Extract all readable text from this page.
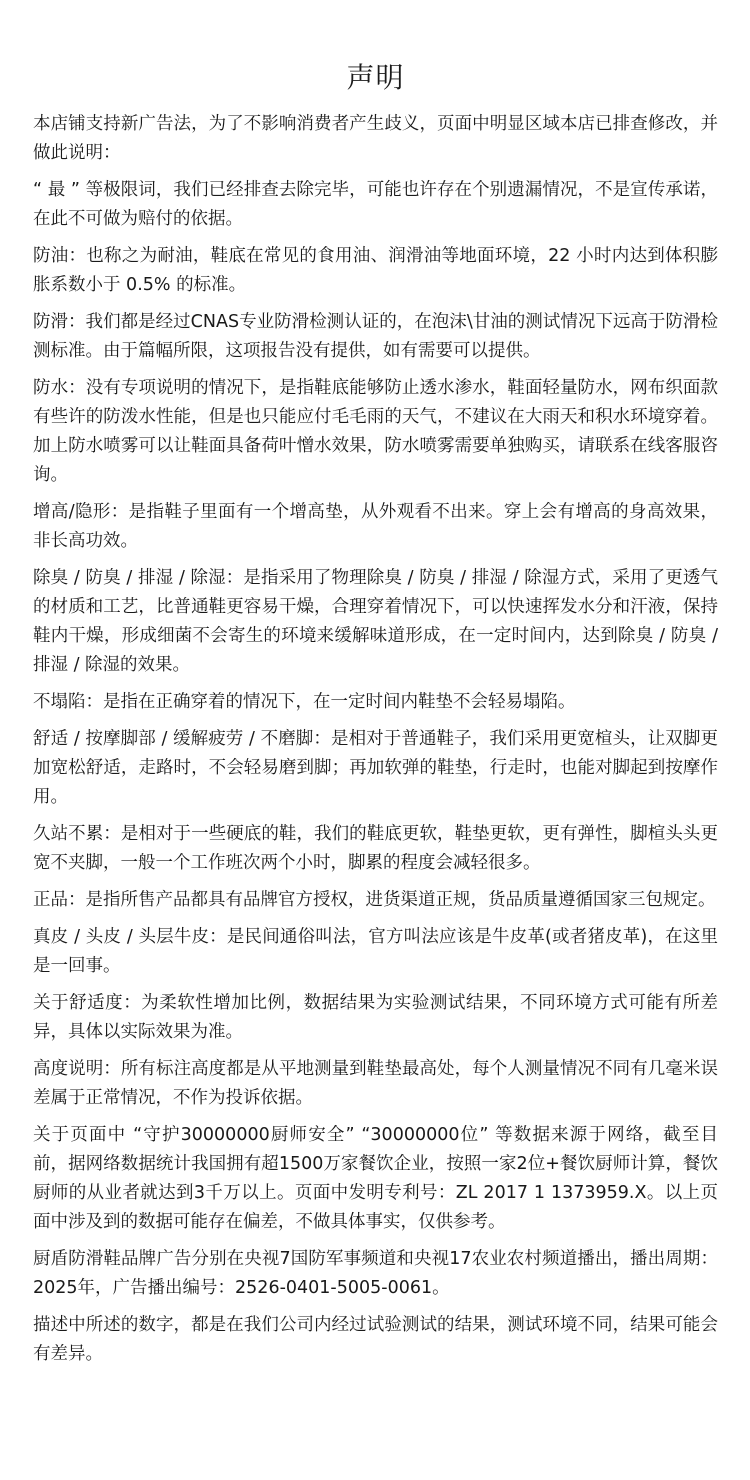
声明

本店铺支持新广告法，为了不影响消费者产生歧义，页面中明显区域本店已排查修改，并做此说明：

“ 最 ” 等极限词，我们已经排查去除完毕，可能也许存在个别遗漏情况，不是宣传承诺，在此不可做为赔付的依据。

防油：也称之为耐油，鞋底在常见的食用油、润滑油等地面环境，22 小时内达到体积膨胀系数小于 0.5% 的标准。

防滑：我们都是经过CNAS专业防滑检测认证的，在泡沫\甘油的测试情况下远高于防滑检测标准。由于篇幅所限，这项报告没有提供，如有需要可以提供。

防水：没有专项说明的情况下，是指鞋底能够防止透水渗水，鞋面轻量防水，网布织面款有些许的防泼水性能，但是也只能应付毛毛雨的天气，不建议在大雨天和积水环境穿着。加上防水喷雾可以让鞋面具备荷叶憎水效果，防水喷雾需要单独购买，请联系在线客服咨询。

增高/隐形：是指鞋子里面有一个增高垫，从外观看不出来。穿上会有增高的身高效果，非长高功效。

除臭 / 防臭 / 排湿 / 除湿：是指采用了物理除臭 / 防臭 / 排湿 / 除湿方式，采用了更透气的材质和工艺，比普通鞋更容易干燥，合理穿着情况下，可以快速挥发水分和汗液，保持鞋内干燥，形成细菌不会寄生的环境来缓解味道形成，在一定时间内，达到除臭 / 防臭 / 排湿 / 除湿的效果。

不塌陷：是指在正确穿着的情况下，在一定时间内鞋垫不会轻易塌陷。

舒适 / 按摩脚部 / 缓解疲劳 / 不磨脚：是相对于普通鞋子，我们采用更宽楦头，让双脚更加宽松舒适，走路时，不会轻易磨到脚；再加软弹的鞋垫，行走时，也能对脚起到按摩作用。

久站不累：是相对于一些硬底的鞋，我们的鞋底更软，鞋垫更软，更有弹性，脚楦头头更宽不夹脚，一般一个工作班次两个小时，脚累的程度会减轻很多。

正品：是指所售产品都具有品牌官方授权，进货渠道正规，货品质量遵循国家三包规定。

真皮 / 头皮 / 头层牛皮：是民间通俗叫法，官方叫法应该是牛皮革(或者猪皮革)，在这里是一回事。

关于舒适度：为柔软性增加比例，数据结果为实验测试结果，不同环境方式可能有所差异，具体以实际效果为准。

高度说明：所有标注高度都是从平地测量到鞋垫最高处，每个人测量情况不同有几毫米误差属于正常情况，不作为投诉依据。

关于页面中 “守护30000000厨师安全” “30000000位” 等数据来源于网络，截至目前，据网络数据统计我国拥有超1500万家餐饮企业，按照一家2位+餐饮厨师计算，餐饮厨师的从业者就达到3千万以上。页面中发明专利号：ZL 2017 1 1373959.X。以上页面中涉及到的数据可能存在偏差，不做具体事实，仅供参考。

厨盾防滑鞋品牌广告分别在央视7国防军事频道和央视17农业农村频道播出，播出周期：2025年，广告播出编号：2526-0401-5005-0061。

描述中所述的数字，都是在我们公司内经过试验测试的结果，测试环境不同，结果可能会有差异。
